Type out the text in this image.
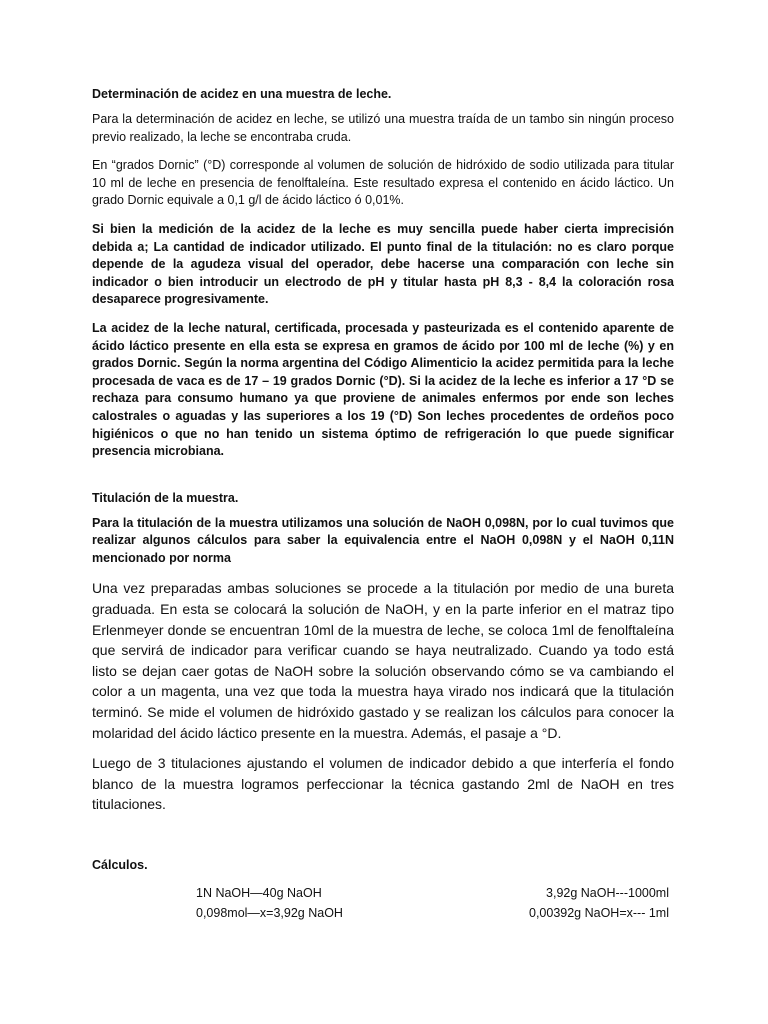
Determinación de acidez en una muestra de leche.

Para la determinación de acidez en leche, se utilizó una muestra traída de un tambo sin ningún proceso previo realizado, la leche se encontraba cruda.

En “grados Dornic” (°D) corresponde al volumen de solución de hidróxido de sodio utilizada para titular 10 ml de leche en presencia de fenolftaleína. Este resultado expresa el contenido en ácido láctico. Un grado Dornic equivale a 0,1 g/l de ácido láctico ó 0,01%.

Si bien la medición de la acidez de la leche es muy sencilla puede haber cierta imprecisión debida a; La cantidad de indicador utilizado. El punto final de la titulación: no es claro porque depende de la agudeza visual del operador, debe hacerse una comparación con leche sin indicador o bien introducir un electrodo de pH y titular hasta pH 8,3 - 8,4 la coloración rosa desaparece progresivamente.

La acidez de la leche natural, certificada, procesada y pasteurizada es el contenido aparente de ácido láctico presente en ella esta se expresa en gramos de ácido por 100 ml de leche (%) y en grados Dornic. Según la norma argentina del Código Alimenticio la acidez permitida para la leche procesada de vaca es de 17 – 19 grados Dornic (°D). Si la acidez de la leche es inferior a 17 °D se rechaza para consumo humano ya que proviene de animales enfermos por ende son leches calostrales o aguadas y las superiores a los 19 (°D) Son leches procedentes de ordeños poco higiénicos o que no han tenido un sistema óptimo de refrigeración lo que puede significar presencia microbiana.

Titulación de la muestra.

Para la titulación de la muestra utilizamos una solución de NaOH 0,098N, por lo cual tuvimos que realizar algunos cálculos para saber la equivalencia entre el NaOH 0,098N y el NaOH 0,11N mencionado por norma

Una vez preparadas ambas soluciones se procede a la titulación por medio de una bureta graduada. En esta se colocará la solución de NaOH, y en la parte inferior en el matraz tipo Erlenmeyer donde se encuentran 10ml de la muestra de leche, se coloca 1ml de fenolftaleína que servirá de indicador para verificar cuando se haya neutralizado. Cuando ya todo está listo se dejan caer gotas de NaOH sobre la solución observando cómo se va cambiando el color a un magenta, una vez que toda la muestra haya virado nos indicará que la titulación terminó. Se mide el volumen de hidróxido gastado y se realizan los cálculos para conocer la molaridad del ácido láctico presente en la muestra. Además, el pasaje a °D.

Luego de 3 titulaciones ajustando el volumen de indicador debido a que interfería el fondo blanco de la muestra logramos perfeccionar la técnica gastando 2ml de NaOH en tres titulaciones.

Cálculos.
1N NaOH—40g NaOH	3,92g NaOH---1000ml
0,098mol—x=3,92g NaOH	0,00392g NaOH=x--- 1ml
